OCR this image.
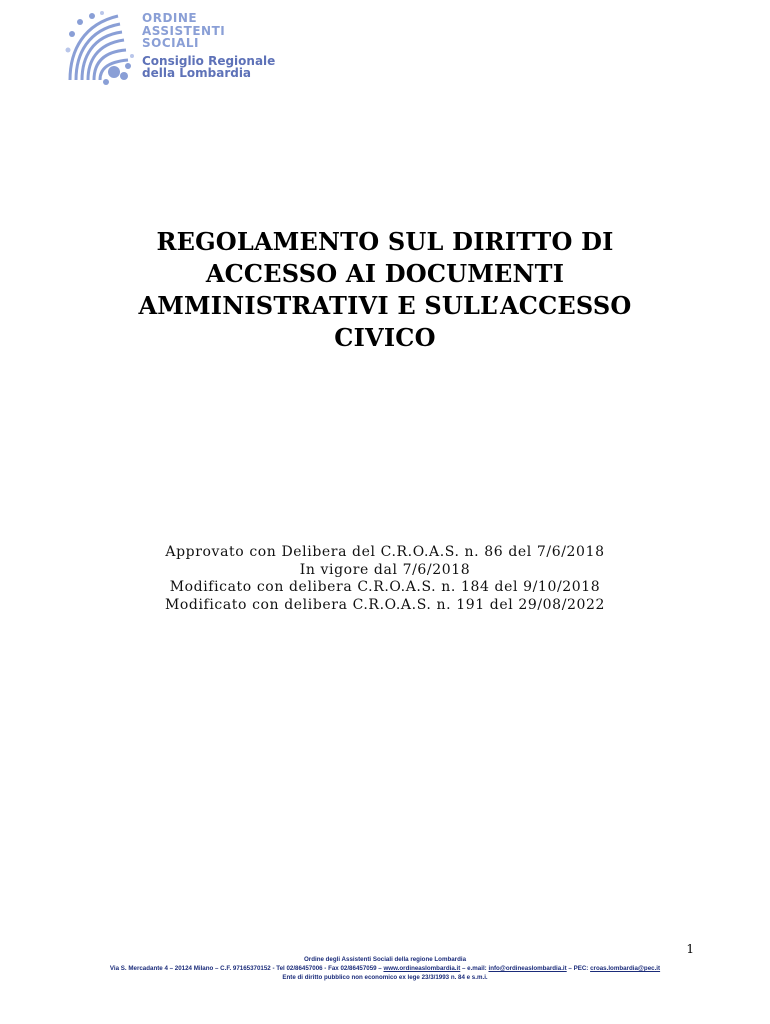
ORDINE
ASSISTENTI
SOCIALI
Consiglio Regionale
della Lombardia
REGOLAMENTO SUL DIRITTO DI
ACCESSO AI DOCUMENTI
AMMINISTRATIVI E SULL’ACCESSO
CIVICO
Approvato con Delibera del C.R.O.A.S. n. 86 del 7/6/2018
In vigore dal 7/6/2018
Modificato con delibera C.R.O.A.S. n. 184 del 9/10/2018
Modificato con delibera C.R.O.A.S. n. 191 del 29/08/2022
1
Ordine degli Assistenti Sociali della regione Lombardia
Via S. Mercadante 4 – 20124 Milano – C.F. 97165370152 - Tel 02/86457006 - Fax 02/86457059 – www.ordineaslombardia.it – e.mail: info@ordineaslombardia.it – PEC: croas.lombardia@pec.it
Ente di diritto pubblico non economico ex lege 23/3/1993 n. 84 e s.m.i.
